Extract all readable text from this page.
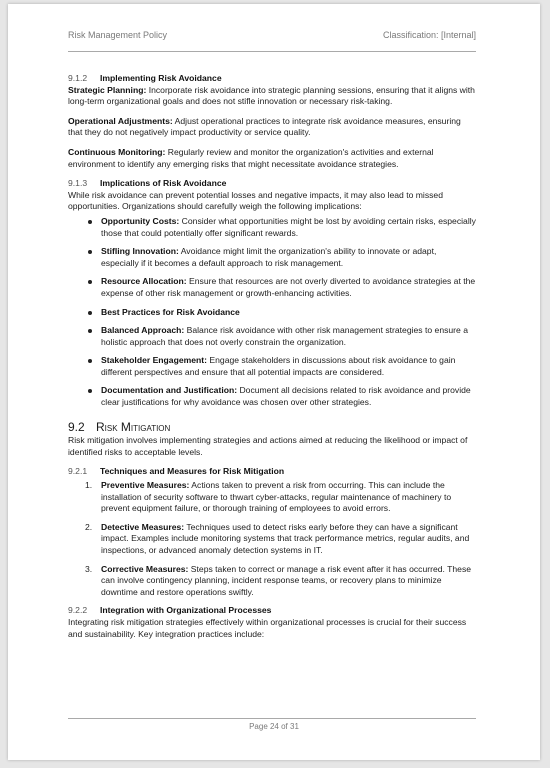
Risk Management Policy	Classification: [Internal]
9.1.2	Implementing Risk Avoidance

Strategic Planning: Incorporate risk avoidance into strategic planning sessions, ensuring that it aligns with long-term organizational goals and does not stifle innovation or necessary risk-taking.

Operational Adjustments: Adjust operational practices to integrate risk avoidance measures, ensuring that they do not negatively impact productivity or service quality.

Continuous Monitoring: Regularly review and monitor the organization's activities and external environment to identify any emerging risks that might necessitate avoidance strategies.

9.1.3	Implications of Risk Avoidance

While risk avoidance can prevent potential losses and negative impacts, it may also lead to missed opportunities. Organizations should carefully weigh the following implications:

Opportunity Costs: Consider what opportunities might be lost by avoiding certain risks, especially those that could potentially offer significant rewards.
Stifling Innovation: Avoidance might limit the organization's ability to innovate or adapt, especially if it becomes a default approach to risk management.
Resource Allocation: Ensure that resources are not overly diverted to avoidance strategies at the expense of other risk management or growth-enhancing activities.
Best Practices for Risk Avoidance
Balanced Approach: Balance risk avoidance with other risk management strategies to ensure a holistic approach that does not overly constrain the organization.
Stakeholder Engagement: Engage stakeholders in discussions about risk avoidance to gain different perspectives and ensure that all potential impacts are considered.
Documentation and Justification: Document all decisions related to risk avoidance and provide clear justifications for why avoidance was chosen over other strategies.
9.2 Risk Mitigation

Risk mitigation involves implementing strategies and actions aimed at reducing the likelihood or impact of identified risks to acceptable levels.

9.2.1	Techniques and Measures for Risk Mitigation
1. Preventive Measures: Actions taken to prevent a risk from occurring. This can include the installation of security software to thwart cyber-attacks, regular maintenance of machinery to prevent equipment failure, or thorough training of employees to avoid errors.
2. Detective Measures: Techniques used to detect risks early before they can have a significant impact. Examples include monitoring systems that track performance metrics, regular audits, and inspections, or advanced anomaly detection systems in IT.
3. Corrective Measures: Steps taken to correct or manage a risk event after it has occurred. These can involve contingency planning, incident response teams, or recovery plans to minimize downtime and restore operations swiftly.
9.2.2	Integration with Organizational Processes

Integrating risk mitigation strategies effectively within organizational processes is crucial for their success and sustainability. Key integration practices include:

Page 24 of 31
